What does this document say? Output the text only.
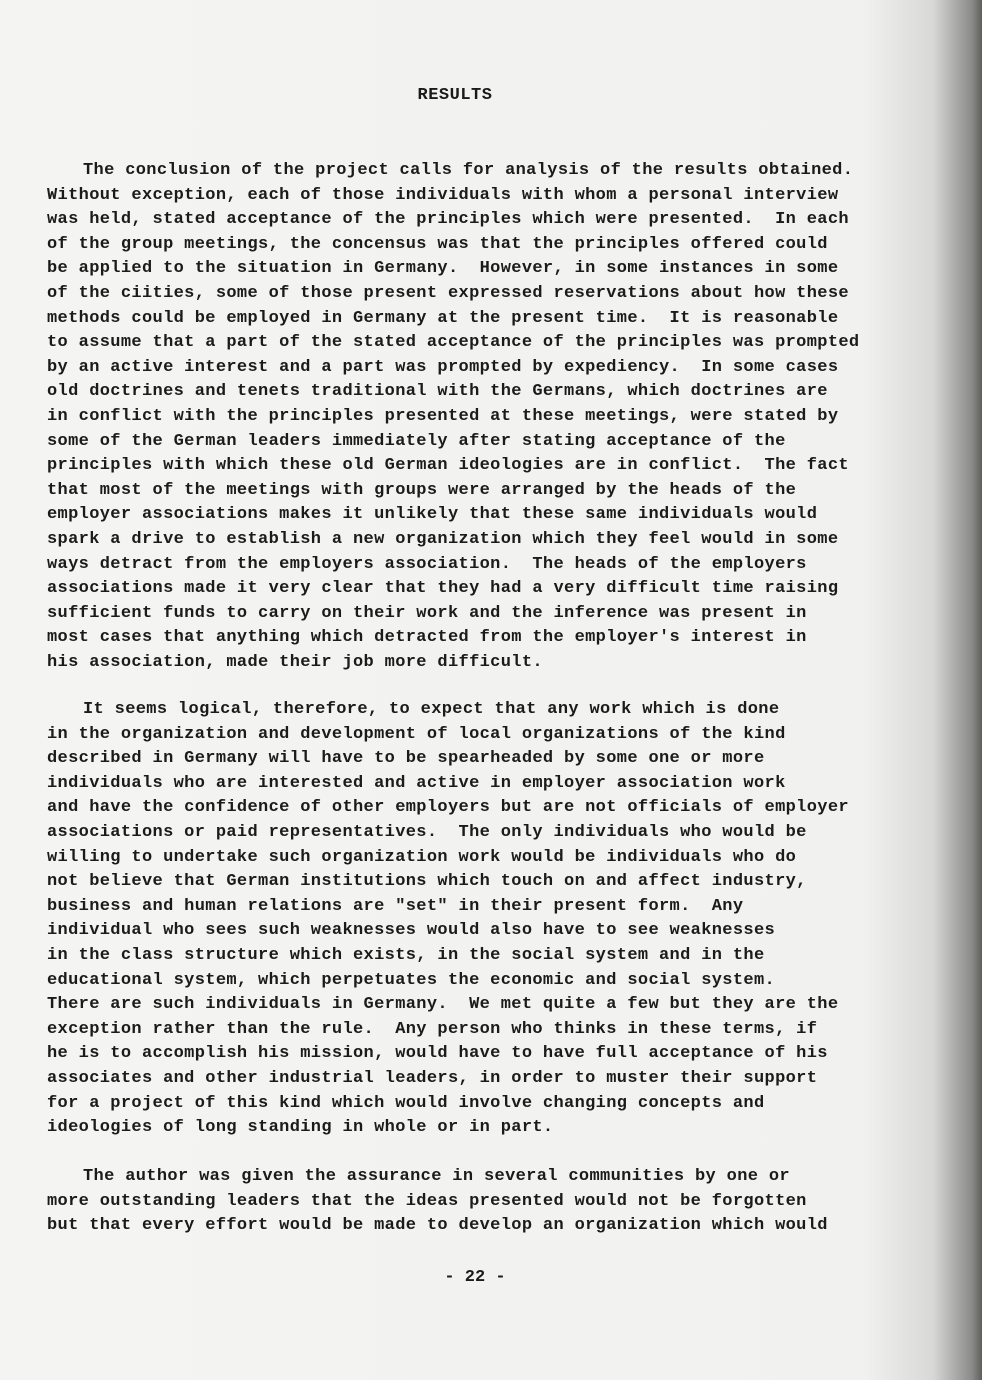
RESULTS
The conclusion of the project calls for analysis of the results obtained.
Without exception, each of those individuals with whom a personal interview
was held, stated acceptance of the principles which were presented.  In each
of the group meetings, the concensus was that the principles offered could
be applied to the situation in Germany.  However, in some instances in some
of the ciities, some of those present expressed reservations about how these
methods could be employed in Germany at the present time.  It is reasonable
to assume that a part of the stated acceptance of the principles was prompted
by an active interest and a part was prompted by expediency.  In some cases
old doctrines and tenets traditional with the Germans, which doctrines are
in conflict with the principles presented at these meetings, were stated by
some of the German leaders immediately after stating acceptance of the
principles with which these old German ideologies are in conflict.  The fact
that most of the meetings with groups were arranged by the heads of the
employer associations makes it unlikely that these same individuals would
spark a drive to establish a new organization which they feel would in some
ways detract from the employers association.  The heads of the employers
associations made it very clear that they had a very difficult time raising
sufficient funds to carry on their work and the inference was present in
most cases that anything which detracted from the employer's interest in
his association, made their job more difficult.
It seems logical, therefore, to expect that any work which is done
in the organization and development of local organizations of the kind
described in Germany will have to be spearheaded by some one or more
individuals who are interested and active in employer association work
and have the confidence of other employers but are not officials of employer
associations or paid representatives.  The only individuals who would be
willing to undertake such organization work would be individuals who do
not believe that German institutions which touch on and affect industry,
business and human relations are "set" in their present form.  Any
individual who sees such weaknesses would also have to see weaknesses
in the class structure which exists, in the social system and in the
educational system, which perpetuates the economic and social system.
There are such individuals in Germany.  We met quite a few but they are the
exception rather than the rule.  Any person who thinks in these terms, if
he is to accomplish his mission, would have to have full acceptance of his
associates and other industrial leaders, in order to muster their support
for a project of this kind which would involve changing concepts and
ideologies of long standing in whole or in part.
The author was given the assurance in several communities by one or
more outstanding leaders that the ideas presented would not be forgotten
but that every effort would be made to develop an organization which would
- 22 -
